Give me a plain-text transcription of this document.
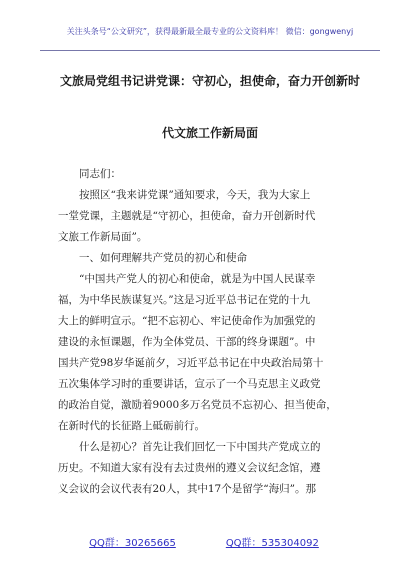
关注头条号“公文研究”，获得最新最全最专业的公文资料库！ 微信：gongwenyj
文旅局党组书记讲党课：守初心，担使命，奋力开创新时
代文旅工作新局面
同志们：
按照区“我来讲党课”通知要求，今天，我为大家上
一堂党课，主题就是“守初心，担使命，奋力开创新时代
文旅工作新局面”。
一、如何理解共产党员的初心和使命
“中国共产党人的初心和使命，就是为中国人民谋幸
福，为中华民族谋复兴。”这是习近平总书记在党的十九
大上的鲜明宣示。“把不忘初心、牢记使命作为加强党的
建设的永恒课题，作为全体党员、干部的终身课题”。中
国共产党98岁华诞前夕，习近平总书记在中央政治局第十
五次集体学习时的重要讲话，宣示了一个马克思主义政党
的政治自觉，激励着9000多万名党员不忘初心、担当使命，
在新时代的长征路上砥砺前行。
什么是初心？首先让我们回忆一下中国共产党成立的
历史。不知道大家有没有去过贵州的遵义会议纪念馆，遵
义会议的会议代表有20人，其中17个是留学“海归”。那
QQ群：30265665	QQ群：535304092
